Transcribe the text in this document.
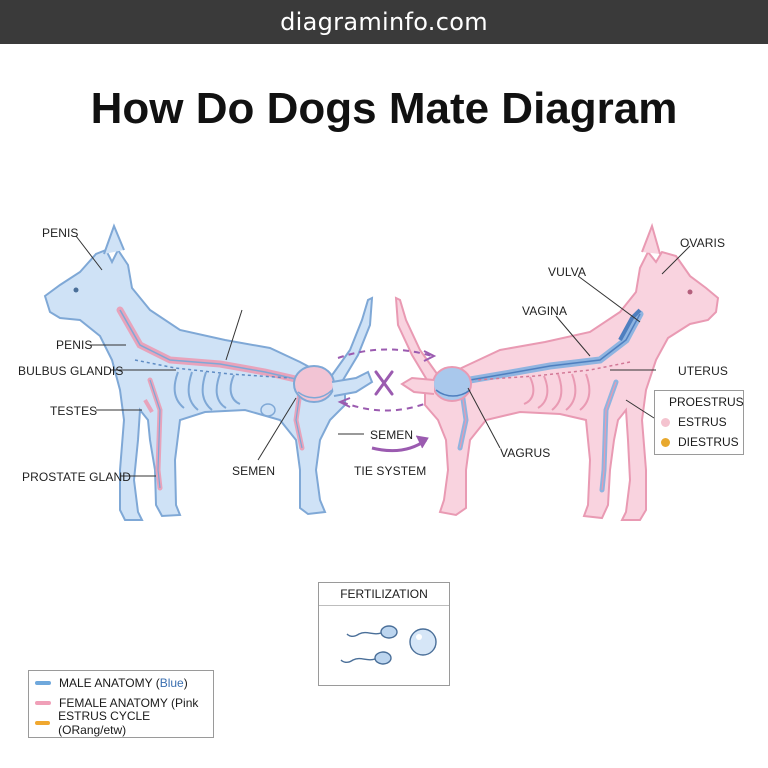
diagraminfo.com
How Do Dogs Mate Diagram
PENIS
PENIS
BULBUS GLANDIS
TESTES
PROSTATE GLAND	SEMEN
SEMEN
TIE SYSTEM
OVARIS
VULVA
VAGINA
UTERUS
VAGRUS
PROESTRUS
ESTRUS
DIESTRUS
FERTILIZATION
MALE ANATOMY ( Blue )
FEMALE ANATOMY (Pink
ESTRUS CYCLE (ORang/etw)
